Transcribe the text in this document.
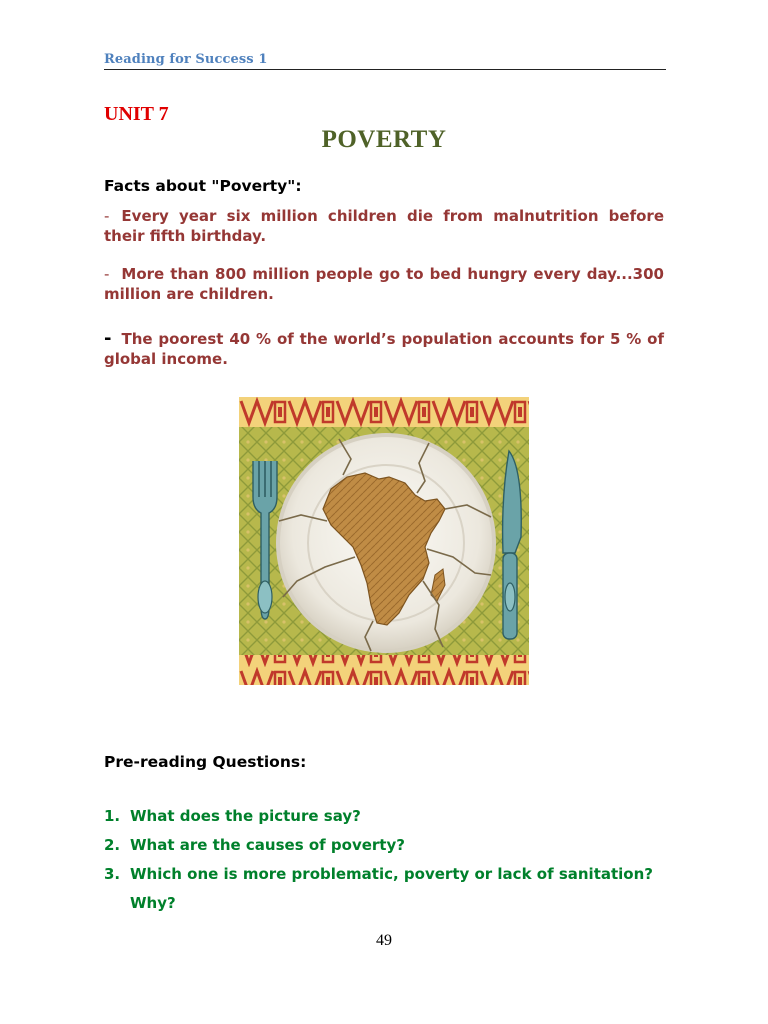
Reading for Success 1
UNIT 7
POVERTY
Facts about "Poverty":
- Every year six million children die from malnutrition before their fifth birthday.
- More than 800 million people go to bed hungry every day...300 million are children.
- The poorest 40 % of the world’s population accounts for 5 % of global income.
Pre-reading Questions:
1. What does the picture say?
2. What are the causes of poverty?
3. Which one is more problematic, poverty or lack of sanitation? Why?
49
